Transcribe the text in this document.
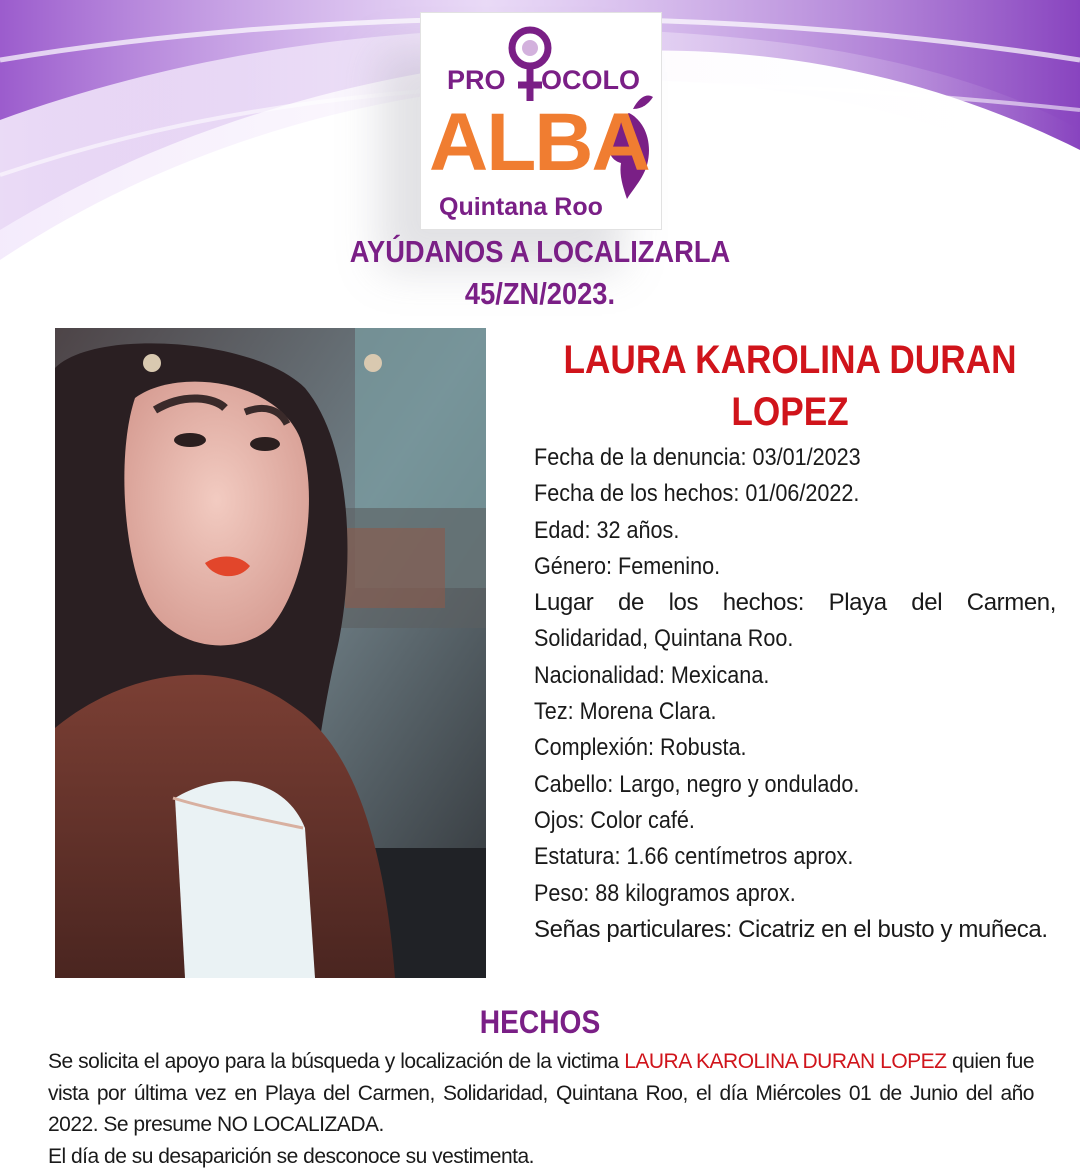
PRO OCOLO
ALBA
Quintana Roo
AYÚDANOS A LOCALIZARLA
45/ZN/2023.
LAURA KAROLINA DURAN
LOPEZ
Fecha de la denuncia: 03/01/2023
Fecha de los hechos: 01/06/2022.
Edad: 32 años.
Género: Femenino.
Lugar de los hechos: Playa del Carmen,
Solidaridad, Quintana Roo.
Nacionalidad: Mexicana.
Tez: Morena Clara.
Complexión: Robusta.
Cabello: Largo, negro y ondulado.
Ojos: Color café.
Estatura: 1.66 centímetros aprox.
Peso: 88 kilogramos aprox.
Señas particulares: Cicatriz en el busto y muñeca.
HECHOS

Se solicita el apoyo para la búsqueda y localización de la victima LAURA KAROLINA DURAN LOPEZ quien fue vista por última vez en Playa del Carmen, Solidaridad, Quintana Roo, el día Miércoles 01 de Junio del año 2022. Se presume NO LOCALIZADA.

El día de su desaparición se desconoce su vestimenta.
